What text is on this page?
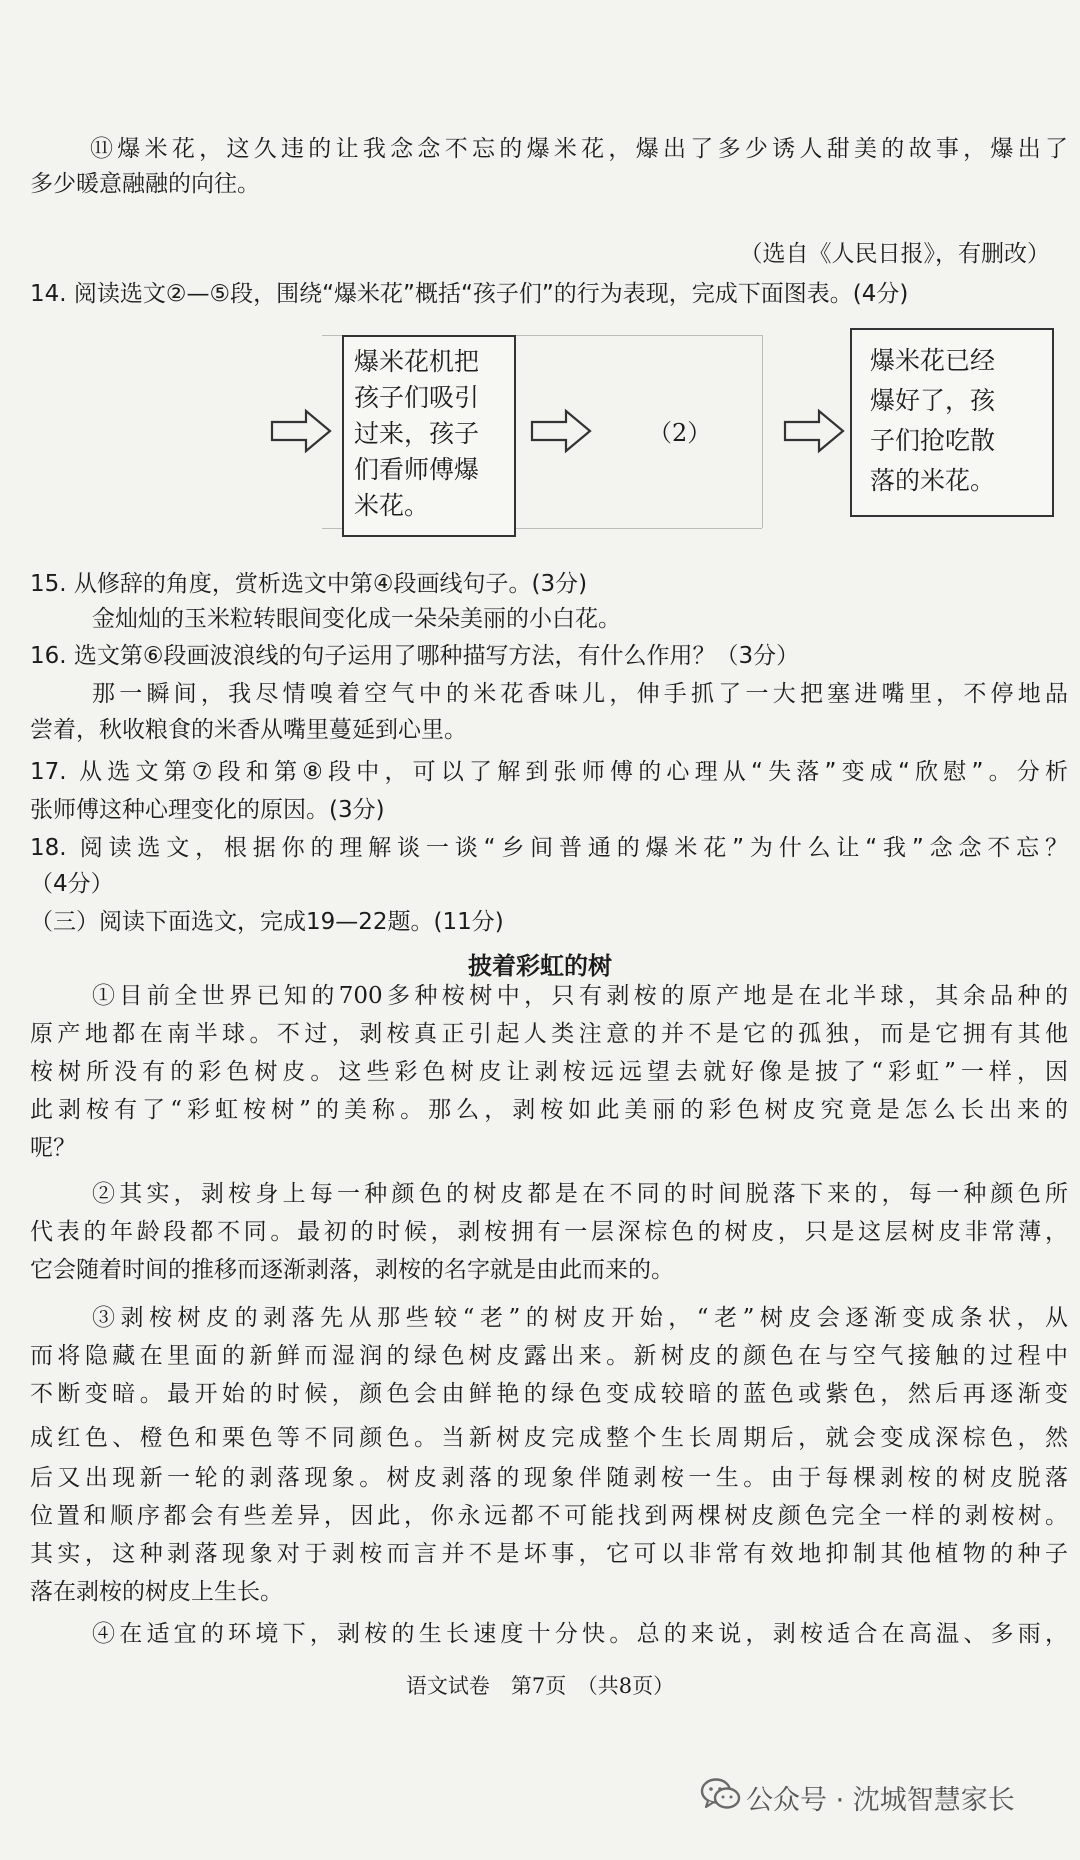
⑪爆米花，这久违的让我念念不忘的爆米花，爆出了多少诱人甜美的故事，爆出了
多少暖意融融的向往。
（选自《人民日报》，有删改）
14. 阅读选文②—⑤段，围绕“爆米花”概括“孩子们”的行为表现，完成下面图表。(4分)
爆米花机把
孩子们吸引
过来，孩子
们看师傅爆
米花。
（2）
爆米花已经
爆好了，孩
子们抢吃散
落的米花。
15. 从修辞的角度，赏析选文中第④段画线句子。(3分)
金灿灿的玉米粒转眼间变化成一朵朵美丽的小白花。
16. 选文第⑥段画波浪线的句子运用了哪种描写方法，有什么作用？（3分）
那一瞬间，我尽情嗅着空气中的米花香味儿，伸手抓了一大把塞进嘴里，不停地品
尝着，秋收粮食的米香从嘴里蔓延到心里。
17. 从选文第⑦段和第⑧段中，可以了解到张师傅的心理从“失落”变成“欣慰”。分析
张师傅这种心理变化的原因。(3分)
18. 阅读选文，根据你的理解谈一谈“乡间普通的爆米花”为什么让“我”念念不忘？
（4分）
（三）阅读下面选文，完成19—22题。(11分)
披着彩虹的树
①目前全世界已知的700多种桉树中，只有剥桉的原产地是在北半球，其余品种的
原产地都在南半球。不过，剥桉真正引起人类注意的并不是它的孤独，而是它拥有其他
桉树所没有的彩色树皮。这些彩色树皮让剥桉远远望去就好像是披了“彩虹”一样，因
此剥桉有了“彩虹桉树”的美称。那么，剥桉如此美丽的彩色树皮究竟是怎么长出来的
呢？
②其实，剥桉身上每一种颜色的树皮都是在不同的时间脱落下来的，每一种颜色所
代表的年龄段都不同。最初的时候，剥桉拥有一层深棕色的树皮，只是这层树皮非常薄，
它会随着时间的推移而逐渐剥落，剥桉的名字就是由此而来的。
③剥桉树皮的剥落先从那些较“老”的树皮开始，“老”树皮会逐渐变成条状，从
而将隐藏在里面的新鲜而湿润的绿色树皮露出来。新树皮的颜色在与空气接触的过程中
不断变暗。最开始的时候，颜色会由鲜艳的绿色变成较暗的蓝色或紫色，然后再逐渐变
成红色、橙色和栗色等不同颜色。当新树皮完成整个生长周期后，就会变成深棕色，然
后又出现新一轮的剥落现象。树皮剥落的现象伴随剥桉一生。由于每棵剥桉的树皮脱落
位置和顺序都会有些差异，因此，你永远都不可能找到两棵树皮颜色完全一样的剥桉树。
其实，这种剥落现象对于剥桉而言并不是坏事，它可以非常有效地抑制其他植物的种子
落在剥桉的树皮上生长。
④在适宜的环境下，剥桉的生长速度十分快。总的来说，剥桉适合在高温、多雨，
语文试卷　第7页　（共8页）
公众号 · 沈城智慧家长
